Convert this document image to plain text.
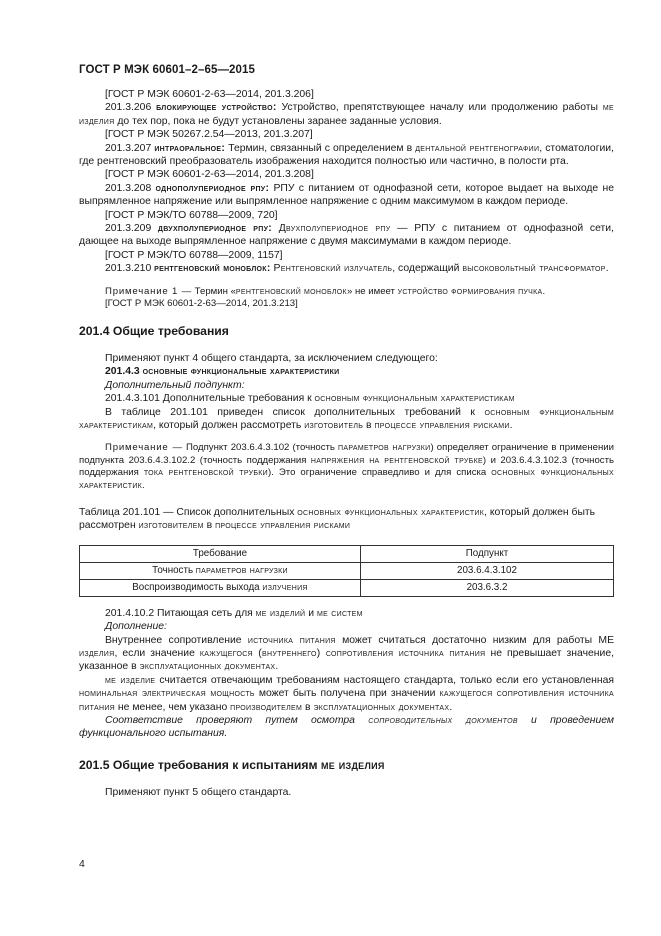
ГОСТ Р МЭК 60601–2–65—2015

[ГОСТ Р МЭК 60601-2-63—2014, 201.3.206]

201.3.206 блокирующее устройство: Устройство, препятствующее началу или продолжению работы ме изделия до тех пор, пока не будут установлены заранее заданные условия.

[ГОСТ Р МЭК 50267.2.54—2013, 201.3.207]

201.3.207 интраоральное: Термин, связанный с определением в дентальной рентгенографии, стоматологии, где рентгеновский преобразователь изображения находится полностью или частично, в полости рта.

[ГОСТ Р МЭК 60601-2-63—2014, 201.3.208]

201.3.208 однополупериодное рпу: РПУ с питанием от однофазной сети, которое выдает на выходе не выпрямленное напряжение или выпрямленное напряжение с одним максимумом в каждом периоде.

[ГОСТ Р МЭК/ТО 60788—2009, 720]

201.3.209 двухполупериодное рпу: Двухполупериодное рпу — РПУ с питанием от однофазной сети, дающее на выходе выпрямленное напряжение с двумя максимумами в каждом периоде.

[ГОСТ Р МЭК/ТО 60788—2009, 1157]

201.3.210 рентгеновский моноблок: Рентгеновский излучатель, содержащий высоковольтный трансформатор.

Примечание 1 — Термин «рентгеновский моноблок» не имеет устройство формирования пучка.

[ГОСТ Р МЭК 60601-2-63—2014, 201.3.213]

201.4 Общие требования

Применяют пункт 4 общего стандарта, за исключением следующего:

201.4.3 основные функциональные характеристики

Дополнительный подпункт:

201.4.3.101 Дополнительные требования к основным функциональным характеристикам

В таблице 201.101 приведен список дополнительных требований к основным функциональным характеристикам, который должен рассмотреть изготовитель в процессе управления рисками.

Примечание — Подпункт 203.6.4.3.102 (точность параметров нагрузки) определяет ограничение в применении подпункта 203.6.4.3.102.2 (точность поддержания напряжения на рентгеновской трубке) и 203.6.4.3.102.3 (точность поддержания тока рентгеновской трубки). Это ограничение справедливо и для списка основных функциональных характеристик.

Таблица 201.101 — Список дополнительных основных функциональных характеристик, который должен быть рассмотрен изготовителем в процессе управления рисками

Требование	Подпункт
Точность параметров нагрузки	203.6.4.3.102
Воспроизводимость выхода излучения	203.6.3.2

201.4.10.2 Питающая сеть для ме изделий и ме систем

Дополнение:

Внутреннее сопротивление источника питания может считаться достаточно низким для работы МЕ изделия, если значение кажущегося (внутреннего) сопротивления источника питания не превышает значение, указанное в эксплуатационных документах.

ме изделие считается отвечающим требованиям настоящего стандарта, только если его установленная номинальная электрическая мощность может быть получена при значении кажущегося сопротивления источника питания не менее, чем указано производителем в эксплуатационных документах.

Соответствие проверяют путем осмотра сопроводительных документов и проведением функционального испытания.

201.5 Общие требования к испытаниям ме изделия

Применяют пункт 5 общего стандарта.

4
